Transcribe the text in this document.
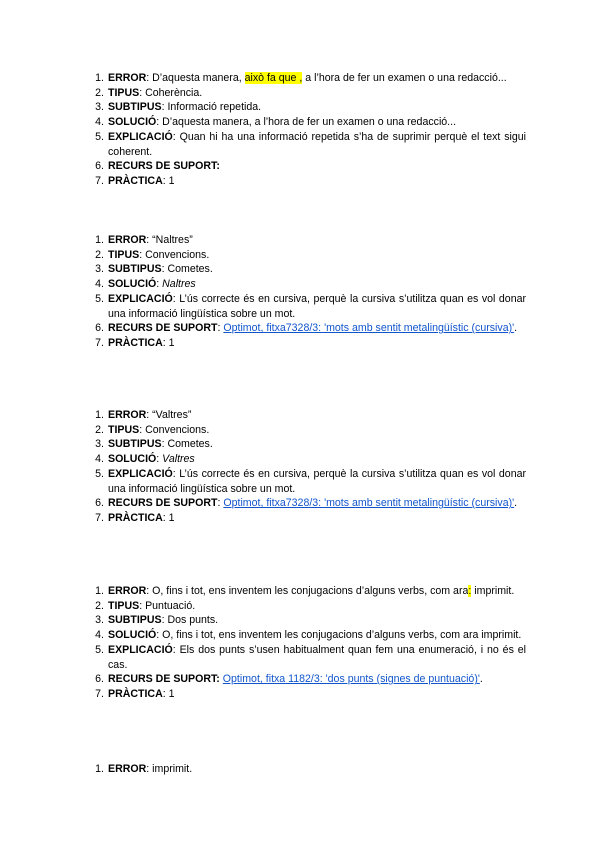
1. ERROR: D’aquesta manera, això fa que , a l’hora de fer un examen o una redacció...
2. TIPUS: Coherència.
3. SUBTIPUS: Informació repetida.
4. SOLUCIÓ: D’aquesta manera, a l’hora de fer un examen o una redacció...
5. EXPLICACIÓ: Quan hi ha una informació repetida s’ha de suprimir perquè el text sigui coherent.
6. RECURS DE SUPORT:
7. PRÀCTICA: 1
1. ERROR: “Naltres”
2. TIPUS: Convencions.
3. SUBTIPUS: Cometes.
4. SOLUCIÓ: Naltres
5. EXPLICACIÓ: L’ús correcte és en cursiva, perquè la cursiva s’utilitza quan es vol donar una informació lingüística sobre un mot.
6. RECURS DE SUPORT: Optimot, fitxa7328/3: 'mots amb sentit metalingüístic (cursiva)'.
7. PRÀCTICA: 1
1. ERROR: “Valtres”
2. TIPUS: Convencions.
3. SUBTIPUS: Cometes.
4. SOLUCIÓ: Valtres
5. EXPLICACIÓ: L’ús correcte és en cursiva, perquè la cursiva s’utilitza quan es vol donar una informació lingüística sobre un mot.
6. RECURS DE SUPORT: Optimot, fitxa7328/3: 'mots amb sentit metalingüístic (cursiva)'.
7. PRÀCTICA: 1
1. ERROR: O, fins i tot, ens inventem les conjugacions d’alguns verbs, com ara: imprimit.
2. TIPUS: Puntuació.
3. SUBTIPUS: Dos punts.
4. SOLUCIÓ: O, fins i tot, ens inventem les conjugacions d’alguns verbs, com ara imprimit.
5. EXPLICACIÓ: Els dos punts s’usen habitualment quan fem una enumeració, i no és el cas.
6. RECURS DE SUPORT: Optimot, fitxa 1182/3: 'dos punts (signes de puntuació)'.
7. PRÀCTICA: 1
1. ERROR: imprimit.
